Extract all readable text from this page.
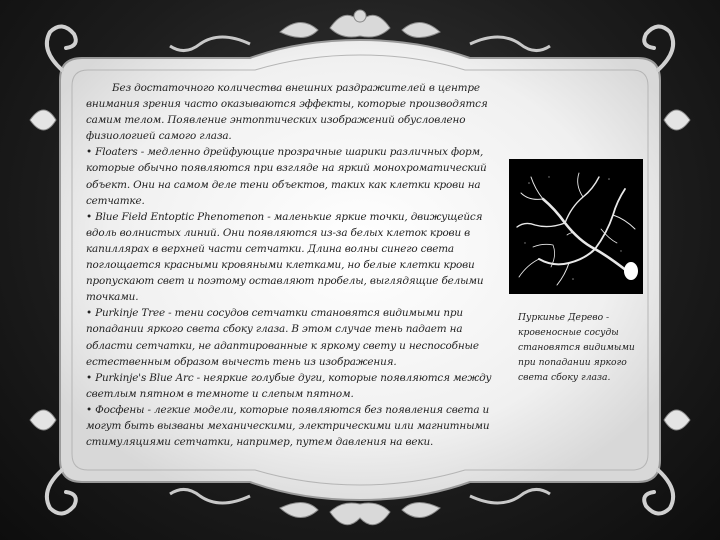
Без достаточного количества внешних раздражителей в центре внимания зрения часто оказываются эффекты, которые производятся самим телом. Появление энтоптических изображений обусловлено физиологией самого глаза.

• Floaters - медленно дрейфующие прозрачные шарики различных форм, которые обычно появляются при взгляде на яркий монохроматический объект. Они на самом деле тени объектов, таких как клетки крови на сетчатке.

• Blue Field Entoptic Phenomenon - маленькие яркие точки, движущейся вдоль волнистых линий. Они появляются из-за белых клеток крови в капиллярах в верхней части сетчатки. Длина волны синего света поглощается красными кровяными клетками, но белые клетки крови пропускают свет и поэтому оставляют пробелы, выглядящие белыми точками.

• Purkinje Tree - тени сосудов сетчатки становятся видимыми при попадании яркого света сбоку глаза. В этом случае тень падает на области сетчатки, не адаптированные к яркому свету и неспособные естественным образом вычесть тень из изображения.

• Purkinje's Blue Arc - неяркие голубые дуги, которые появляются между светлым пятном в темноте и слепым пятном.

• Фосфены - легкие модели, которые появляются без появления света и могут быть вызваны механическими, электрическими или магнитными стимуляциями сетчатки, например, путем давления на веки.

Пуркинье Дерево - кровеносные сосуды становятся видимыми при попадании яркого света сбоку глаза.
